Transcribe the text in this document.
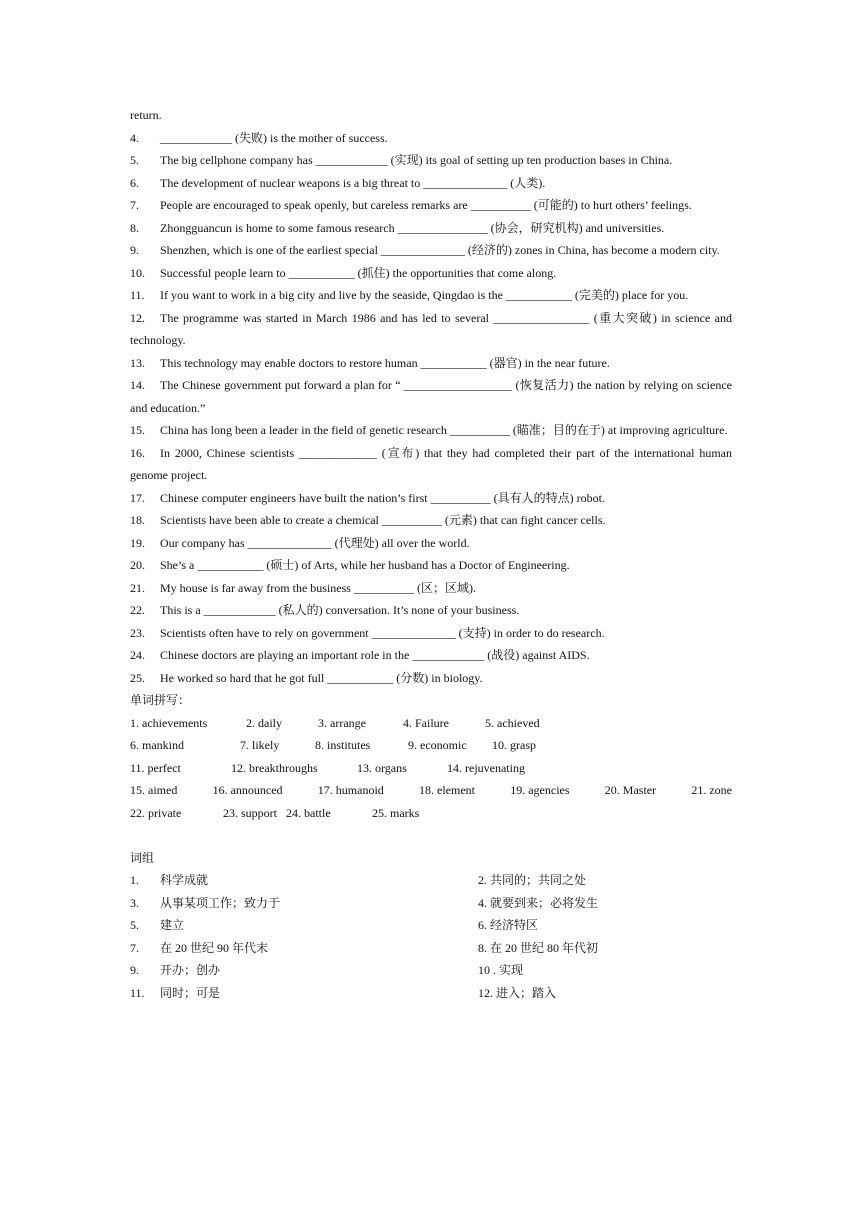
return.
4.	____________ (失败) is the mother of success.
5.	The big cellphone company has ____________ (实现) its goal of setting up ten production bases in China.
6.	The development of nuclear weapons is a big threat to ______________ (人类).
7. People are encouraged to speak openly, but careless remarks are __________ (可能的) to hurt others’ feelings.
8.	Zhongguancun is home to some famous research _______________ (协会，研究机构) and universities.
9. Shenzhen, which is one of the earliest special ______________ (经济的) zones in China, has become a modern city.
10.	Successful people learn to ___________ (抓住) the opportunities that come along.
11. If you want to work in a big city and live by the seaside, Qingdao is the ___________ (完美的) place for you.
12. The programme was started in March 1986 and has led to several ________________ (重大突破) in science and technology.
13.	This technology may enable doctors to restore human ___________ (器官) in the near future.
14. The Chinese government put forward a plan for “ __________________ (恢复活力) the nation by relying on science and education.”
15. China has long been a leader in the field of genetic research __________ (瞄准；目的在于) at improving agriculture.
16. In 2000, Chinese scientists _____________ (宣布) that they had completed their part of the international human genome project.
17.	Chinese computer engineers have built the nation’s first __________ (具有人的特点) robot.
18.	Scientists have been able to create a chemical __________ (元素) that can fight cancer cells.
19.	Our company has ______________ (代理处) all over the world.
20.	She’s a ___________ (硕士) of Arts, while her husband has a Doctor of Engineering.
21.	My house is far away from the business __________ (区；区域).
22.	This is a ____________ (私人的) conversation. It’s none of your business.
23.	Scientists often have to rely on government ______________ (支持) in order to do research.
24.	Chinese doctors are playing an important role in the ____________ (战役) against AIDS.
25.	He worked so hard that he got full ___________ (分数) in biology.
单词拼写：
1. achievements	2. daily	3. arrange	4. Failure	5. achieved
6. mankind	7. likely	8. institutes	9. economic	10. grasp
11. perfect	12. breakthroughs	13. organs	14. rejuvenating
15. aimed	16. announced	17. humanoid	18. element	19. agencies	20. Master	21. zone
22. private	23. support 24. battle	25. marks
词组
1.	科学成就	2. 共同的；共同之处
3.	从事某项工作；致力于	4. 就要到来；必将发生
5.	建立	6. 经济特区
7.	在 20 世纪 90 年代末	8. 在 20 世纪 80 年代初
9.	开办；创办	10 . 实现
11.	同时；可是	12. 进入；踏入
